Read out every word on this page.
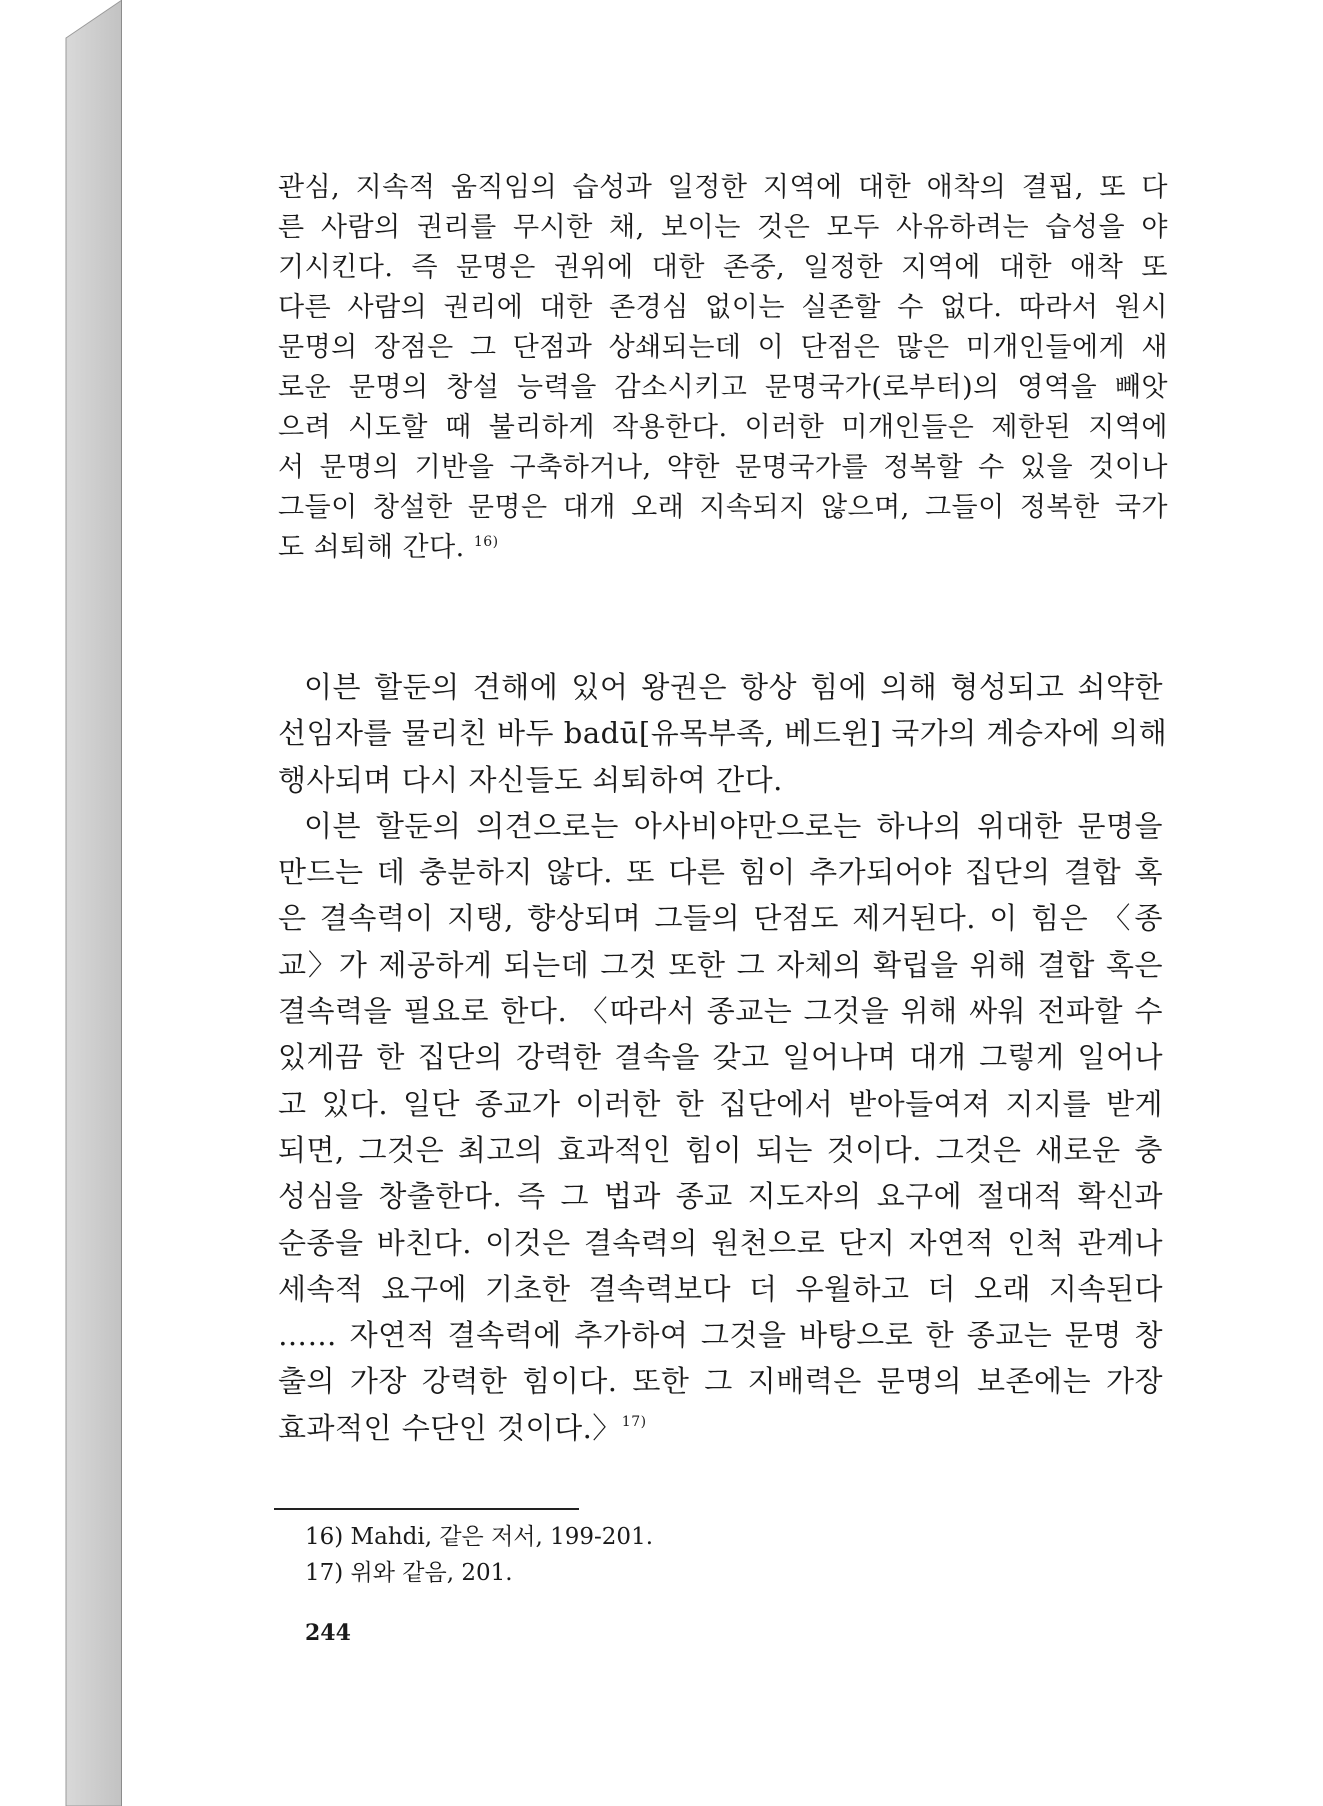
관심, 지속적 움직임의 습성과 일정한 지역에 대한 애착의 결핍, 또 다
른 사람의 권리를 무시한 채, 보이는 것은 모두 사유하려는 습성을 야
기시킨다. 즉 문명은 권위에 대한 존중, 일정한 지역에 대한 애착 또
다른 사람의 권리에 대한 존경심 없이는 실존할 수 없다. 따라서 원시
문명의 장점은 그 단점과 상쇄되는데 이 단점은 많은 미개인들에게 새
로운 문명의 창설 능력을 감소시키고 문명국가(로부터)의 영역을 빼앗
으려 시도할 때 불리하게 작용한다. 이러한 미개인들은 제한된 지역에
서 문명의 기반을 구축하거나, 약한 문명국가를 정복할 수 있을 것이나
그들이 창설한 문명은 대개 오래 지속되지 않으며, 그들이 정복한 국가
도 쇠퇴해 간다. $^{16)}$
이븐 할둔의 견해에 있어 왕권은 항상 힘에 의해 형성되고 쇠약한
선임자를 물리친 바두 badū[유목부족, 베드윈] 국가의 계승자에 의해
행사되며 다시 자신들도 쇠퇴하여 간다.
이븐 할둔의 의견으로는 아사비야만으로는 하나의 위대한 문명을
만드는 데 충분하지 않다. 또 다른 힘이 추가되어야 집단의 결합 혹
은 결속력이 지탱, 향상되며 그들의 단점도 제거된다. 이 힘은 〈종
교〉가 제공하게 되는데 그것 또한 그 자체의 확립을 위해 결합 혹은
결속력을 필요로 한다. 〈따라서 종교는 그것을 위해 싸워 전파할 수
있게끔 한 집단의 강력한 결속을 갖고 일어나며 대개 그렇게 일어나
고 있다. 일단 종교가 이러한 한 집단에서 받아들여져 지지를 받게
되면, 그것은 최고의 효과적인 힘이 되는 것이다. 그것은 새로운 충
성심을 창출한다. 즉 그 법과 종교 지도자의 요구에 절대적 확신과
순종을 바친다. 이것은 결속력의 원천으로 단지 자연적 인척 관계나
세속적 요구에 기초한 결속력보다 더 우월하고 더 오래 지속된다
…… 자연적 결속력에 추가하여 그것을 바탕으로 한 종교는 문명 창
출의 가장 강력한 힘이다. 또한 그 지배력은 문명의 보존에는 가장
효과적인 수단인 것이다.〉$^{17)}$
16) Mahdi, 같은 저서, 199-201.
17) 위와 같음, 201.
244
